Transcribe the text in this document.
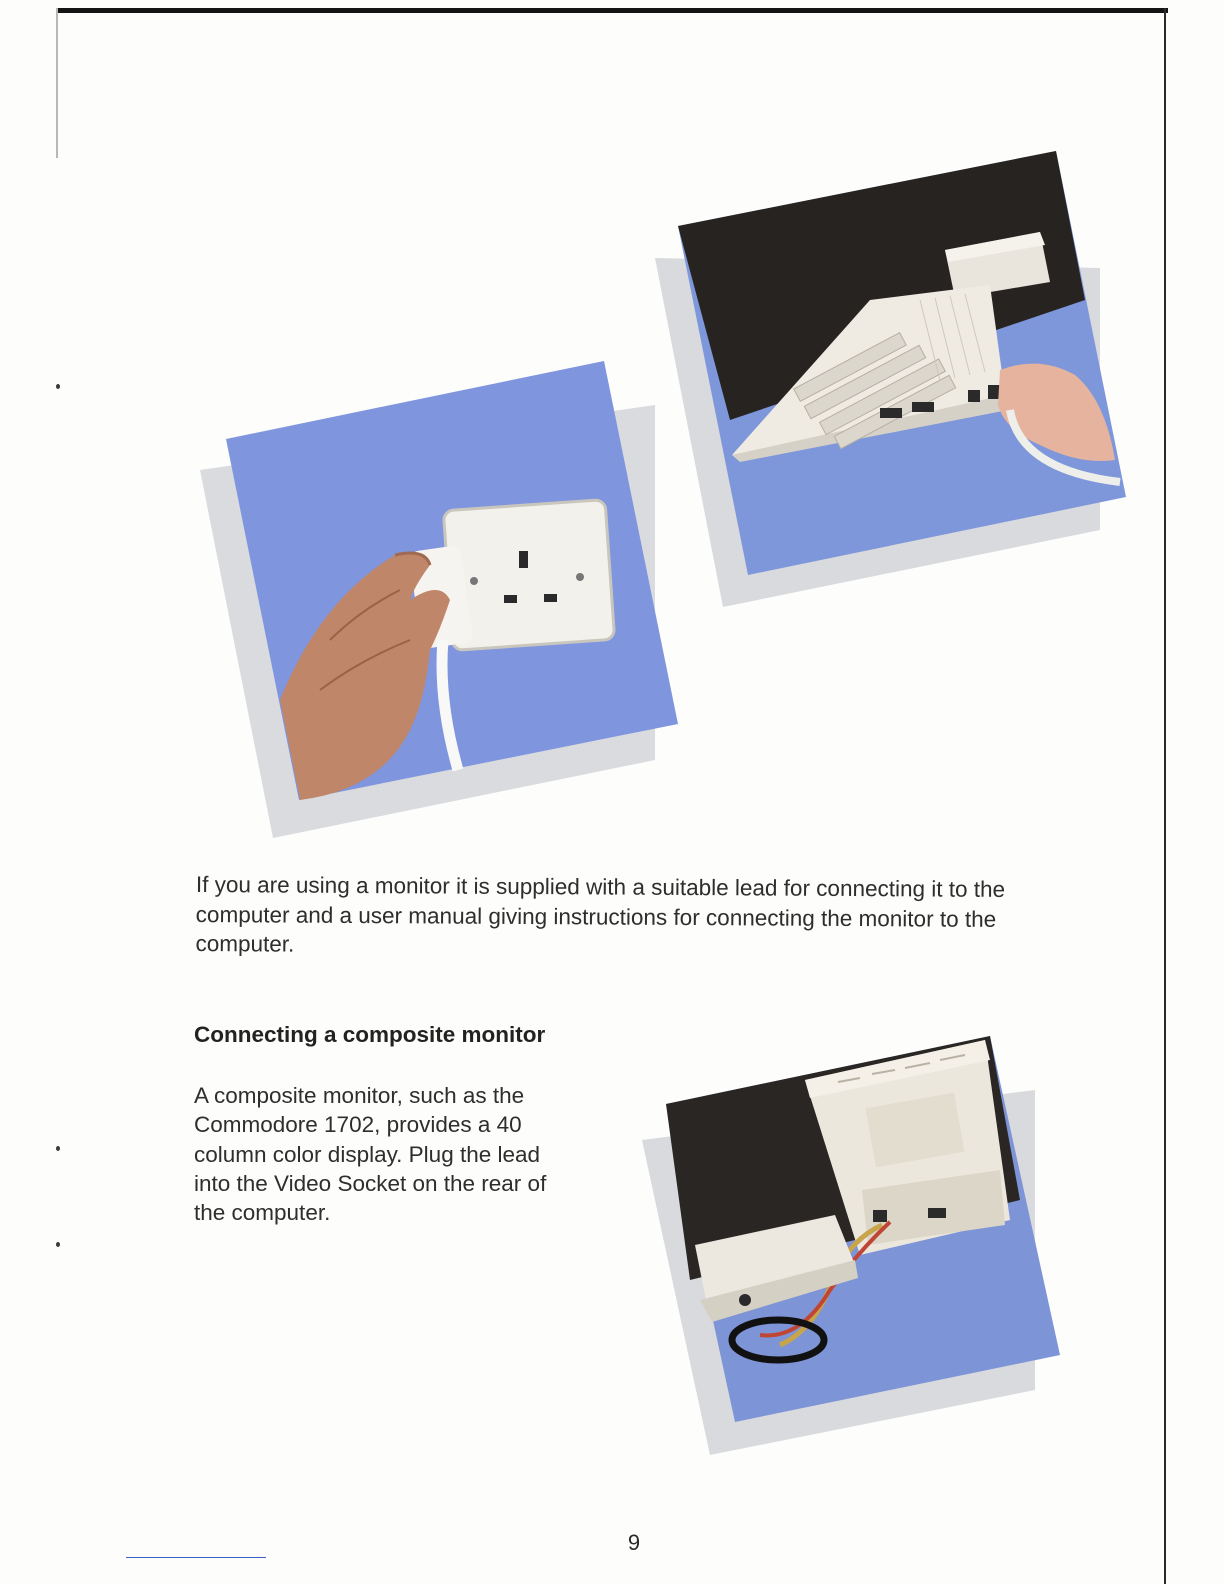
If you are using a monitor it is supplied with a suitable lead for connecting it to the computer and a user manual giving instructions for connecting the monitor to the computer.

Connecting a composite monitor

A composite monitor, such as the Commodore 1702, provides a 40 column color display. Plug the lead into the Video Socket on the rear of the computer.

9
